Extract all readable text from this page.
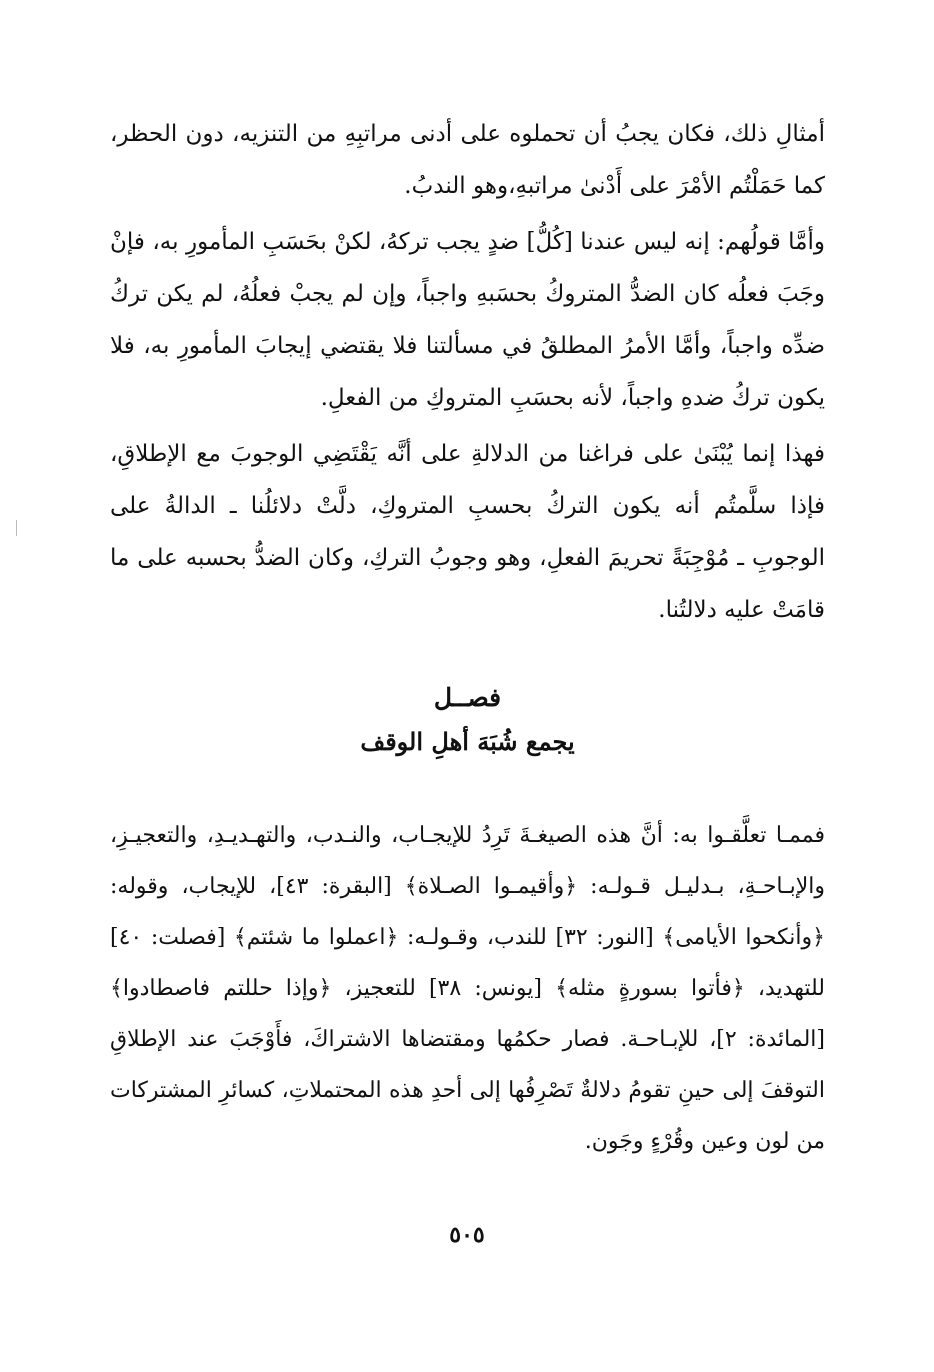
أمثالِ ذلك، فكان يجبُ أن تحملوه على أدنى مراتبِهِ من التنزيه، دون الحظر، كما حَمَلْتُم الأمْرَ على أَدْنىٰ مراتبهِ،وهو الندبُ.

وأمَّا قولُهم: إنه ليس عندنا [كُلُّ] ضدٍ يجب تركهُ، لكنْ بحَسَبِ المأمورِ به، فإنْ وجَبَ فعلُه كان الضدُّ المتروكُ بحسَبهِ واجباً، وإن لم يجبْ فعلُهُ، لم يكن تركُ ضدِّه واجباً، وأمَّا الأمرُ المطلقُ في مسألتنا فلا يقتضي إيجابَ المأمورِ به، فلا يكون تركُ ضدهِ واجباً، لأنه بحسَبِ المتروكِ من الفعلِ.

فهذا إنما يُبْنَىٰ على فراغنا من الدلالةِ على أنَّه يَقْتَضِي الوجوبَ مع الإطلاقِ، فإذا سلَّمتُم أنه يكون التركُ بحسبِ المتروكِ، دلَّتْ دلائلُنا ـ الدالةُ على الوجوبِ ـ مُوْجِبَةً تحريمَ الفعلِ، وهو وجوبُ التركِ، وكان الضدُّ بحسبه على ما قامَتْ عليه دلالتُنا.

فصــل
يجمع شُبَهَ أهلِ الوقف

فممـا تعلَّقـوا به: أنَّ هذه الصيغـةَ تَرِدُ للإيجـاب، والنـدب، والتهـديـدِ، والتعجيـزِ، والإبـاحـةِ، بـدليـل قـولـه: ﴿وأقيمـوا الصـلاة﴾ [البقرة: ٤٣]، للإيجاب، وقوله: ﴿وأنكحوا الأيامى﴾ [النور: ٣٢] للندب، وقـولـه: ﴿اعملوا ما شئتم﴾ [فصلت: ٤٠] للتهديد، ﴿فأتوا بسورةٍ مثله﴾ [يونس: ٣٨] للتعجيز، ﴿وإذا حللتم فاصطادوا﴾ [المائدة: ٢]، للإبـاحـة. فصار حكمُها ومقتضاها الاشتراكَ، فأَوْجَبَ عند الإطلاقِ التوقفَ إلى حينِ تقومُ دلالةٌ تَصْرِفُها إلى أحدِ هذه المحتملاتِ، كسائرِ المشتركات من لون وعين وقُرْءٍ وجَون.

٥٠٥
